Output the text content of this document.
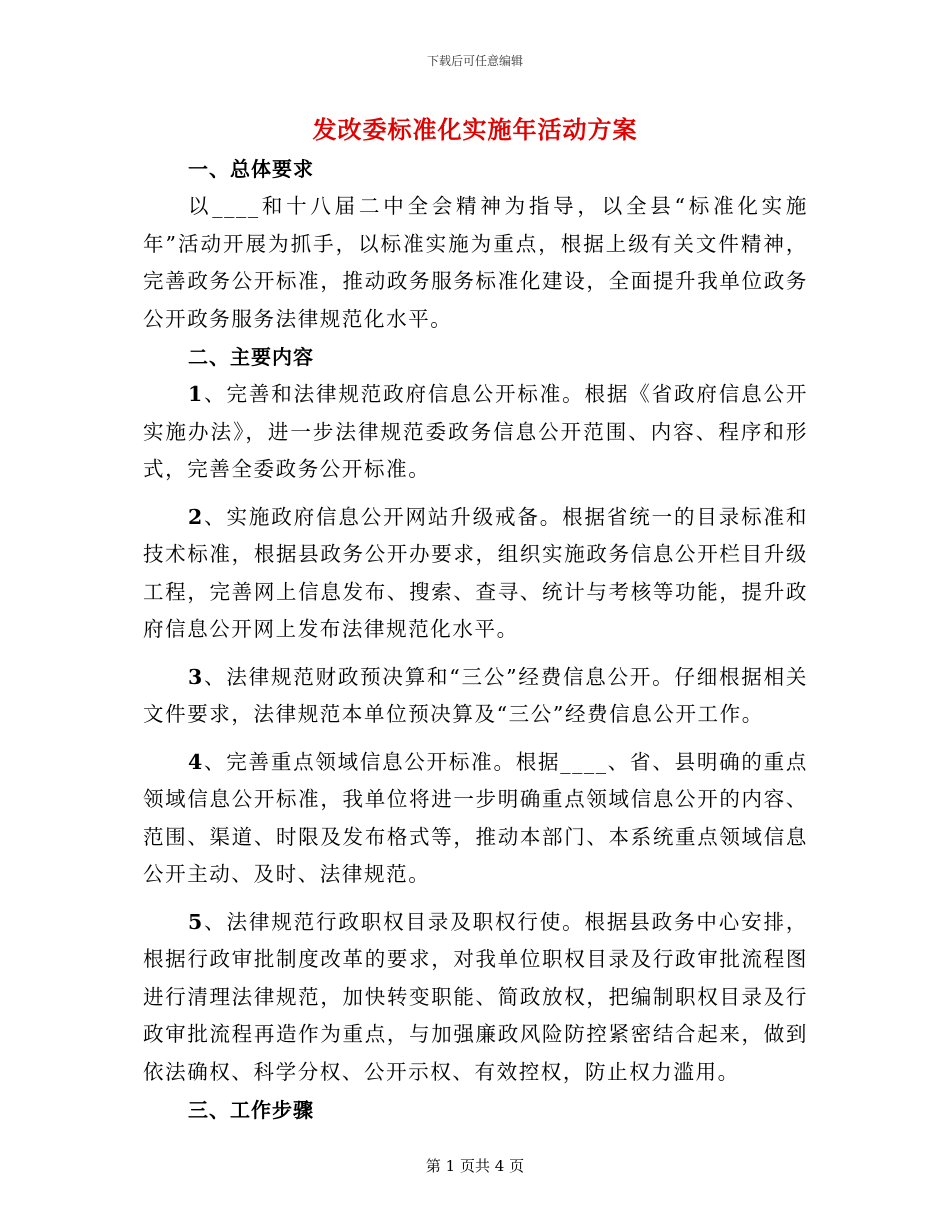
下载后可任意编辑
发改委标准化实施年活动方案

一、总体要求

以____和十八届二中全会精神为指导，以全县“标准化实施年”活动开展为抓手，以标准实施为重点，根据上级有关文件精神，完善政务公开标准，推动政务服务标准化建设，全面提升我单位政务公开政务服务法律规范化水平。

二、主要内容

1、完善和法律规范政府信息公开标准。根据《省政府信息公开实施办法》，进一步法律规范委政务信息公开范围、内容、程序和形式，完善全委政务公开标准。

2、实施政府信息公开网站升级戒备。根据省统一的目录标准和技术标准，根据县政务公开办要求，组织实施政务信息公开栏目升级工程，完善网上信息发布、搜索、查寻、统计与考核等功能，提升政府信息公开网上发布法律规范化水平。

3、法律规范财政预决算和“三公”经费信息公开。仔细根据相关文件要求，法律规范本单位预决算及“三公”经费信息公开工作。

4、完善重点领域信息公开标准。根据____、省、县明确的重点领域信息公开标准，我单位将进一步明确重点领域信息公开的内容、范围、渠道、时限及发布格式等，推动本部门、本系统重点领域信息公开主动、及时、法律规范。

5、法律规范行政职权目录及职权行使。根据县政务中心安排，根据行政审批制度改革的要求，对我单位职权目录及行政审批流程图进行清理法律规范，加快转变职能、简政放权，把编制职权目录及行政审批流程再造作为重点，与加强廉政风险防控紧密结合起来，做到依法确权、科学分权、公开示权、有效控权，防止权力滥用。

三、工作步骤

第 1 页共 4 页
